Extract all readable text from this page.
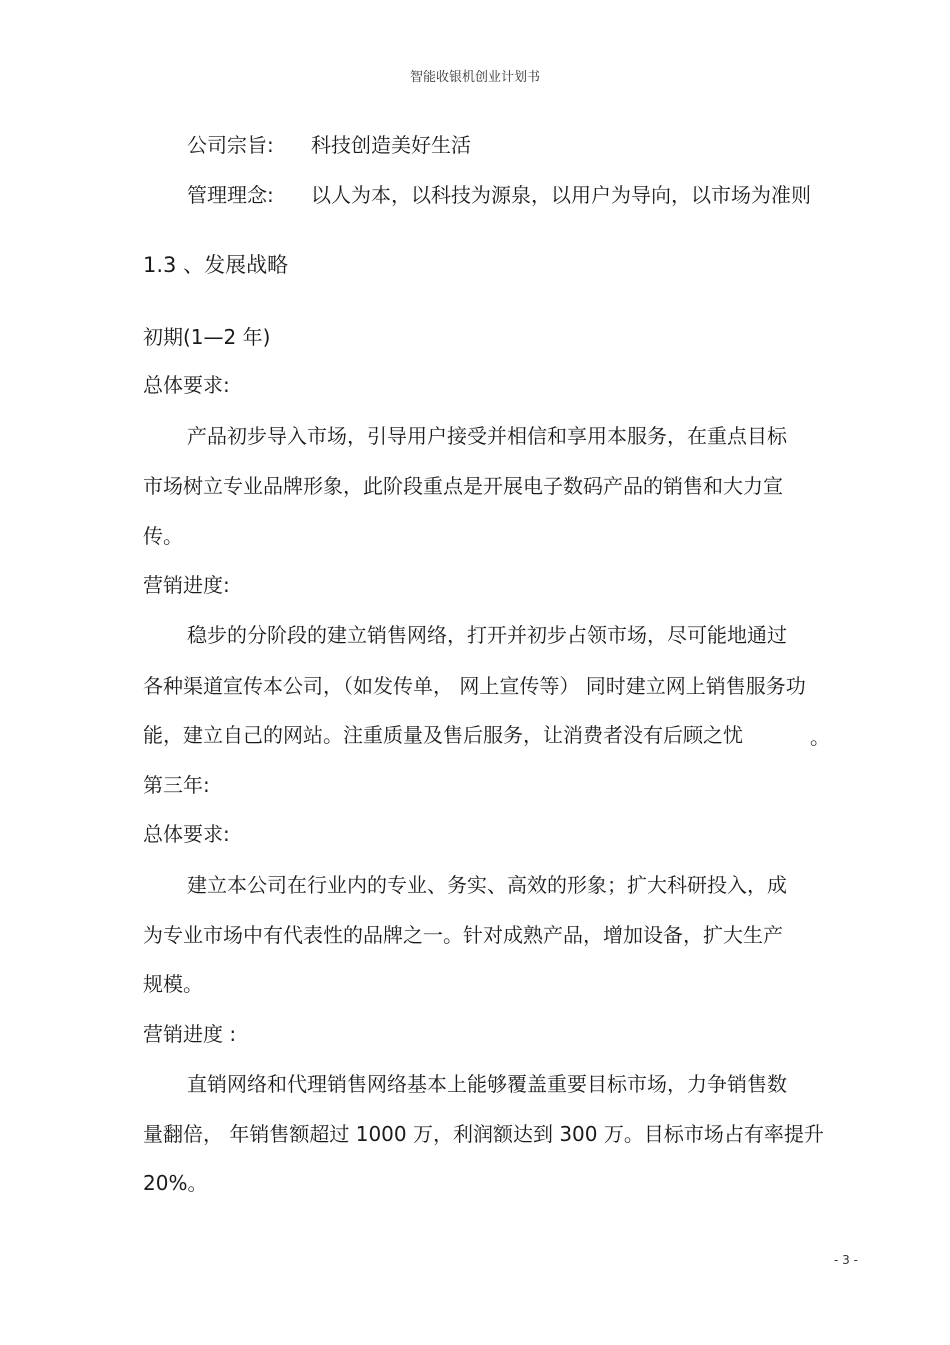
智能收银机创业计划书
公司宗旨: 科技创造美好生活
管理理念: 以人为本，以科技为源泉，以用户为导向，以市场为准则
1.3 、发展战略
初期(1—2 年)
总体要求:
产品初步导入市场，引导用户接受并相信和享用本服务，在重点目标
市场树立专业品牌形象，此阶段重点是开展电子数码产品的销售和大力宣
传。
营销进度:
稳步的分阶段的建立销售网络，打开并初步占领市场，尽可能地通过
各种渠道宣传本公司，（如发传单， 网上宣传等） 同时建立网上销售服务功
能，建立自己的网站。注重质量及售后服务，让消费者没有后顾之忧	。
第三年:
总体要求:
建立本公司在行业内的专业、务实、高效的形象；扩大科研投入，成
为专业市场中有代表性的品牌之一。针对成熟产品，增加设备，扩大生产
规模。
营销进度 :
直销网络和代理销售网络基本上能够覆盖重要目标市场，力争销售数
量翻倍， 年销售额超过 1000 万，利润额达到 300 万。目标市场占有率提升
20%。
- 3 -
